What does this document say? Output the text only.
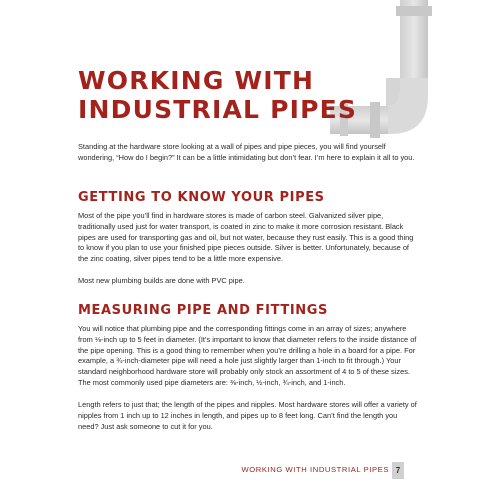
WORKING WITH INDUSTRIAL PIPES

Standing at the hardware store looking at a wall of pipes and pipe pieces, you will find yourself wondering, “How do I begin?” It can be a little intimidating but don’t fear. I’m here to explain it all to you.

GETTING TO KNOW YOUR PIPES

Most of the pipe you’ll find in hardware stores is made of carbon steel. Galvanized silver pipe, traditionally used just for water transport, is coated in zinc to make it more corrosion resistant. Black pipes are used for transporting gas and oil, but not water, because they rust easily. This is a good thing to know if you plan to use your finished pipe pieces outside. Silver is better. Unfortunately, because of the zinc coating, silver pipes tend to be a little more expensive.

Most new plumbing builds are done with PVC pipe.

MEASURING PIPE AND FITTINGS

You will notice that plumbing pipe and the corresponding fittings come in an array of sizes; anywhere from ⅛-inch up to 5 feet in diameter. (It’s important to know that diameter refers to the inside distance of the pipe opening. This is a good thing to remember when you’re drilling a hole in a board for a pipe. For example, a ¾-inch-diameter pipe will need a hole just slightly larger than 1-inch to fit through.) Your standard neighborhood hardware store will probably only stock an assortment of 4 to 5 of these sizes. The most commonly used pipe diameters are: ⅜-inch, ½-inch, ¾-inch, and 1-inch.

Length refers to just that; the length of the pipes and nipples. Most hardware stores will offer a variety of nipples from 1 inch up to 12 inches in length, and pipes up to 8 feet long. Can’t find the length you need? Just ask someone to cut it for you.

WORKING WITH INDUSTRIAL PIPES 7
